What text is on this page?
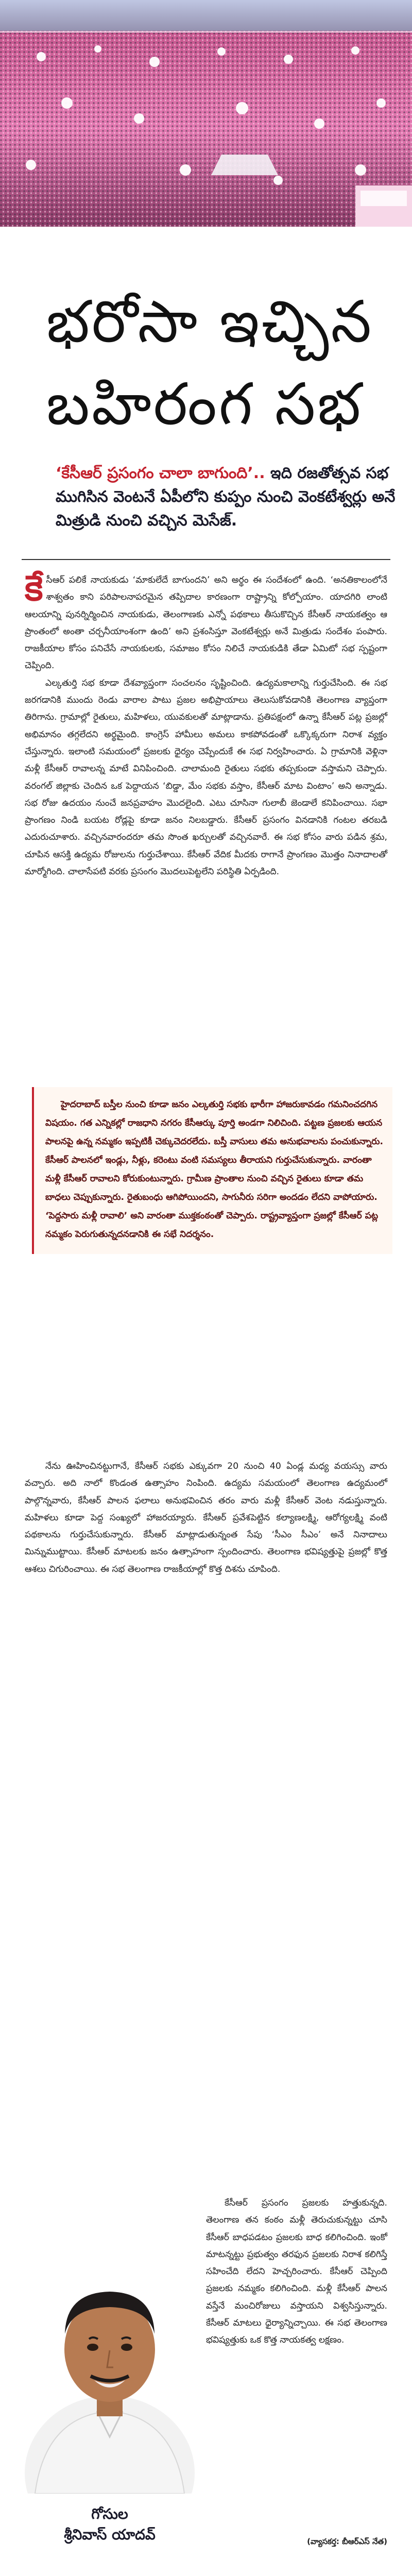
భరోసా ఇచ్చిన
బహిరంగ సభ
‘కేసీఆర్ ప్రసంగం చాలా బాగుంది’.. ఇది రజతోత్సవ సభ ముగిసిన వెంటనే ఏపీలోని కుప్పం నుంచి వెంకటేశ్వర్లు అనే మిత్రుడి నుంచి వచ్చిన మెసేజ్.

కేసీఆర్ పలికే నాయకుడు ‘మాకులేదే బాగుందని’ అని అర్థం ఈ సందేశంలో ఉంది. ‘అనతికాలంలోనే శాశ్వతం కాని పరిపాలనాపరమైన తప్పిదాల కారణంగా రాష్ట్రాన్ని కోల్పోయాం. యాదగిరి లాంటి ఆలయాన్ని పునర్నిర్మించిన నాయకుడు, తెలంగాణకు ఎన్నో పథకాలు తీసుకొచ్చిన కేసీఆర్ నాయకత్వం ఆ ప్రాంతంలో అంతా చర్చనీయాంశంగా ఉంది’ అని ప్రశంసిస్తూ వెంకటేశ్వర్లు అనే మిత్రుడు సందేశం పంపారు. రాజకీయాల కోసం పనిచేసే నాయకులకు, సమాజం కోసం నిలిచే నాయకుడికి తేడా ఏమిటో సభ స్పష్టంగా చెప్పింది.

ఎల్కతుర్తి సభ కూడా దేశవ్యాప్తంగా సంచలనం సృష్టించింది. ఉద్యమకాలాన్ని గుర్తుచేసింది. ఈ సభ జరగడానికి ముందు రెండు వారాల పాటు ప్రజల అభిప్రాయాలు తెలుసుకోవడానికి తెలంగాణ వ్యాప్తంగా తిరిగాను. గ్రామాల్లో రైతులు, మహిళలు, యువకులతో మాట్లాడాను. ప్రతిపక్షంలో ఉన్నా కేసీఆర్ పట్ల ప్రజల్లో అభిమానం తగ్గలేదని అర్థమైంది. కాంగ్రెస్ హామీలు అమలు కాకపోవడంతో ఒక్కొక్కరుగా నిరాశ వ్యక్తం చేస్తున్నారు. ఇలాంటి సమయంలో ప్రజలకు ధైర్యం చెప్పేందుకే ఈ సభ నిర్వహించారు. ఏ గ్రామానికి వెళ్లినా మళ్లీ కేసీఆర్ రావాలన్న మాటే వినిపించింది. చాలామంది రైతులు సభకు తప్పకుండా వస్తామని చెప్పారు. వరంగల్ జిల్లాకు చెందిన ఒక పెద్దాయన ‘బిడ్డా, మేం సభకు వస్తాం, కేసీఆర్ మాట వింటాం’ అని అన్నాడు. సభ రోజు ఉదయం నుంచే జనప్రవాహం మొదలైంది. ఎటు చూసినా గులాబీ జెండాలే కనిపించాయి. సభా ప్రాంగణం నిండి బయట రోడ్లపై కూడా జనం నిలబడ్డారు. కేసీఆర్ ప్రసంగం వినడానికి గంటల తరబడి ఎదురుచూశారు. వచ్చినవారందరూ తమ సొంత ఖర్చులతో వచ్చినవారే. ఈ సభ కోసం వారు పడిన శ్రమ, చూపిన ఆసక్తి ఉద్యమ రోజులను గుర్తుచేశాయి. కేసీఆర్ వేదిక మీదకు రాగానే ప్రాంగణం మొత్తం నినాదాలతో మార్మోగింది. చాలాసేపటి వరకు ప్రసంగం మొదలుపెట్టలేని పరిస్థితి ఏర్పడింది.

హైదరాబాద్ బస్తీల నుంచి కూడా జనం ఎల్కతుర్తి సభకు భారీగా హాజరుకావడం గమనించదగిన విషయం. గత ఎన్నికల్లో రాజధాని నగరం కేసీఆర్కు పూర్తి అండగా నిలిచింది. పట్టణ ప్రజలకు ఆయన పాలనపై ఉన్న నమ్మకం ఇప్పటికీ చెక్కుచెదరలేదు. బస్తీ వాసులు తమ అనుభవాలను పంచుకున్నారు. కేసీఆర్ పాలనలో ఇండ్లు, నీళ్లు, కరెంటు వంటి సమస్యలు తీరాయని గుర్తుచేసుకున్నారు. వారంతా మళ్లీ కేసీఆర్ రావాలని కోరుకుంటున్నారు. గ్రామీణ ప్రాంతాల నుంచి వచ్చిన రైతులు కూడా తమ బాధలు చెప్పుకున్నారు. రైతుబంధు ఆగిపోయిందని, సాగునీరు సరిగా అందడం లేదని వాపోయారు. ‘పెద్దసారు మళ్లీ రావాలి’ అని వారంతా ముక్తకంఠంతో చెప్పారు. రాష్ట్రవ్యాప్తంగా ప్రజల్లో కేసీఆర్ పట్ల నమ్మకం పెరుగుతున్నదనడానికి ఈ సభే నిదర్శనం.

నేను ఊహించినట్టుగానే, కేసీఆర్ సభకు ఎక్కువగా 20 నుంచి 40 ఏండ్ల మధ్య వయస్సు వారు వచ్చారు. అది నాలో కొండంత ఉత్సాహం నింపింది. ఉద్యమ సమయంలో తెలంగాణ ఉద్యమంలో పాల్గొన్నవారు, కేసీఆర్ పాలన ఫలాలు అనుభవించిన తరం వారు మళ్లీ కేసీఆర్ వెంట నడుస్తున్నారు. మహిళలు కూడా పెద్ద సంఖ్యలో హాజరయ్యారు. కేసీఆర్ ప్రవేశపెట్టిన కల్యాణలక్ష్మి, ఆరోగ్యలక్ష్మి వంటి పథకాలను గుర్తుచేసుకున్నారు. కేసీఆర్ మాట్లాడుతున్నంత సేపు ‘సీఎం సీఎం’ అనే నినాదాలు మిన్నుముట్టాయి. కేసీఆర్ మాటలకు జనం ఉత్సాహంగా స్పందించారు. తెలంగాణ భవిష్యత్తుపై ప్రజల్లో కొత్త ఆశలు చిగురించాయి. ఈ సభ తెలంగాణ రాజకీయాల్లో కొత్త దిశను చూపింది.

గోసుల
శ్రీనివాస్ యాదవ్

కేసీఆర్ ప్రసంగం ప్రజలకు హత్తుకున్నది. తెలంగాణ తన కంఠం మళ్లీ తెరుచుకున్నట్టు చూసి కేసీఆర్ బాధపడటం ప్రజలకు బాధ కలిగించింది. ఇంకో మాటన్నట్టు ప్రభుత్వం తరఫున ప్రజలకు నిరాశ కలిగిస్తే సహించేది లేదని హెచ్చరించారు. కేసీఆర్ చెప్పింది ప్రజలకు నమ్మకం కలిగించింది. మళ్లీ కేసీఆర్ పాలన వస్తేనే మంచిరోజులు వస్తాయని విశ్వసిస్తున్నారు. కేసీఆర్ మాటలు ధైర్యాన్నిచ్చాయి. ఈ సభ తెలంగాణ భవిష్యత్తుకు ఒక కొత్త నాయకత్వ లక్షణం.

(వ్యాసకర్త: బీఆర్ఎస్ నేత)
